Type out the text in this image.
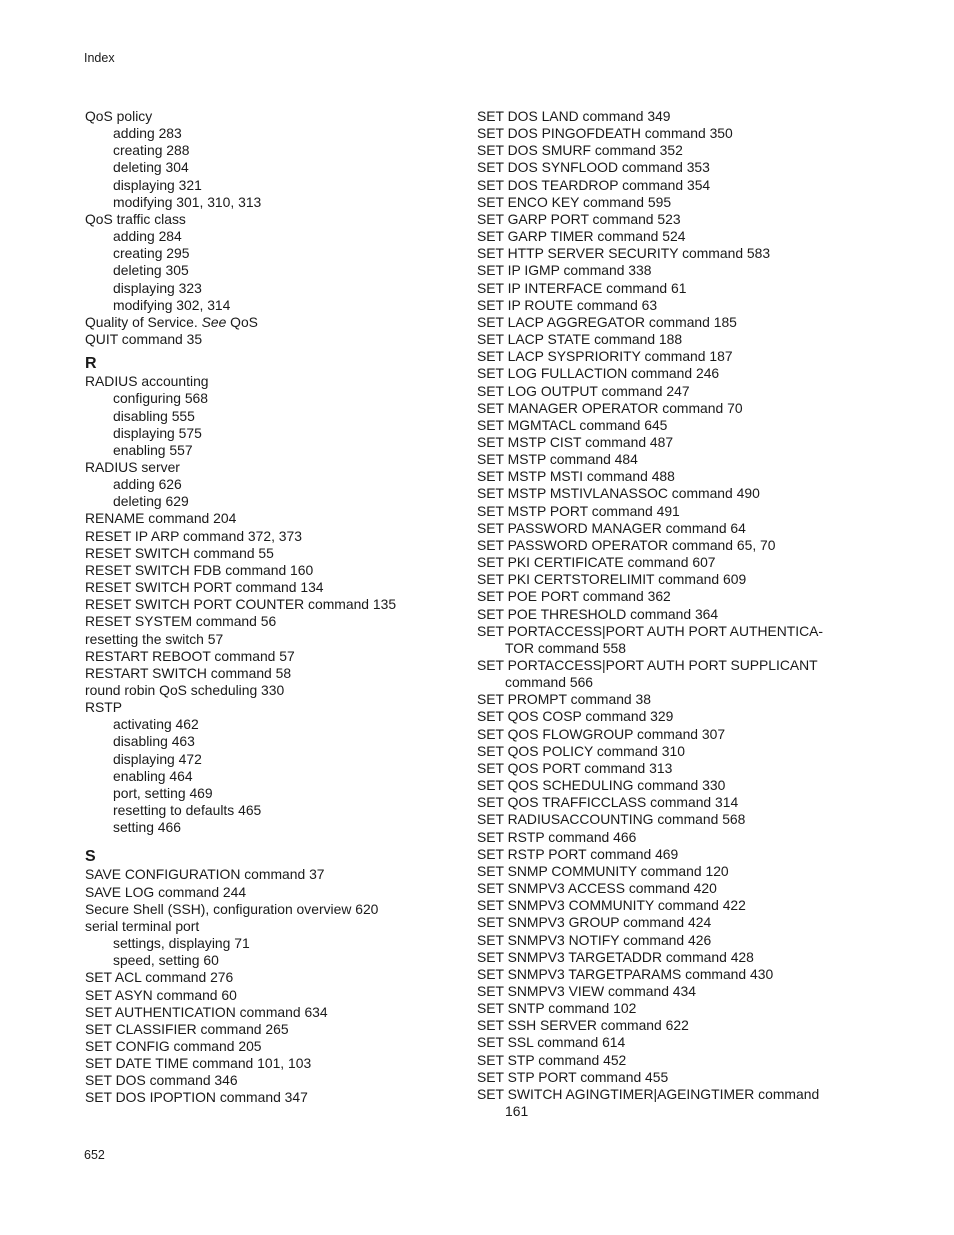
Index
QoS policy
adding 283
creating 288
deleting 304
displaying 321
modifying 301, 310, 313
QoS traffic class
adding 284
creating 295
deleting 305
displaying 323
modifying 302, 314
Quality of Service. See QoS
QUIT command 35
R
RADIUS accounting
configuring 568
disabling 555
displaying 575
enabling 557
RADIUS server
adding 626
deleting 629
RENAME command 204
RESET IP ARP command 372, 373
RESET SWITCH command 55
RESET SWITCH FDB command 160
RESET SWITCH PORT command 134
RESET SWITCH PORT COUNTER command 135
RESET SYSTEM command 56
resetting the switch 57
RESTART REBOOT command 57
RESTART SWITCH command 58
round robin QoS scheduling 330
RSTP
activating 462
disabling 463
displaying 472
enabling 464
port, setting 469
resetting to defaults 465
setting 466
S
SAVE CONFIGURATION command 37
SAVE LOG command 244
Secure Shell (SSH), configuration overview 620
serial terminal port
settings, displaying 71
speed, setting 60
SET ACL command 276
SET ASYN command 60
SET AUTHENTICATION command 634
SET CLASSIFIER command 265
SET CONFIG command 205
SET DATE TIME command 101, 103
SET DOS command 346
SET DOS IPOPTION command 347
SET DOS LAND command 349
SET DOS PINGOFDEATH command 350
SET DOS SMURF command 352
SET DOS SYNFLOOD command 353
SET DOS TEARDROP command 354
SET ENCO KEY command 595
SET GARP PORT command 523
SET GARP TIMER command 524
SET HTTP SERVER SECURITY command 583
SET IP IGMP command 338
SET IP INTERFACE command 61
SET IP ROUTE command 63
SET LACP AGGREGATOR command 185
SET LACP STATE command 188
SET LACP SYSPRIORITY command 187
SET LOG FULLACTION command 246
SET LOG OUTPUT command 247
SET MANAGER OPERATOR command 70
SET MGMTACL command 645
SET MSTP CIST command 487
SET MSTP command 484
SET MSTP MSTI command 488
SET MSTP MSTIVLANASSOC command 490
SET MSTP PORT command 491
SET PASSWORD MANAGER command 64
SET PASSWORD OPERATOR command 65, 70
SET PKI CERTIFICATE command 607
SET PKI CERTSTORELIMIT command 609
SET POE PORT command 362
SET POE THRESHOLD command 364
SET PORTACCESS|PORT AUTH PORT AUTHENTICA-
TOR command 558
SET PORTACCESS|PORT AUTH PORT SUPPLICANT
command 566
SET PROMPT command 38
SET QOS COSP command 329
SET QOS FLOWGROUP command 307
SET QOS POLICY command 310
SET QOS PORT command 313
SET QOS SCHEDULING command 330
SET QOS TRAFFICCLASS command 314
SET RADIUSACCOUNTING command 568
SET RSTP command 466
SET RSTP PORT command 469
SET SNMP COMMUNITY command 120
SET SNMPV3 ACCESS command 420
SET SNMPV3 COMMUNITY command 422
SET SNMPV3 GROUP command 424
SET SNMPV3 NOTIFY command 426
SET SNMPV3 TARGETADDR command 428
SET SNMPV3 TARGETPARAMS command 430
SET SNMPV3 VIEW command 434
SET SNTP command 102
SET SSH SERVER command 622
SET SSL command 614
SET STP command 452
SET STP PORT command 455
SET SWITCH AGINGTIMER|AGEINGTIMER command
161
652
